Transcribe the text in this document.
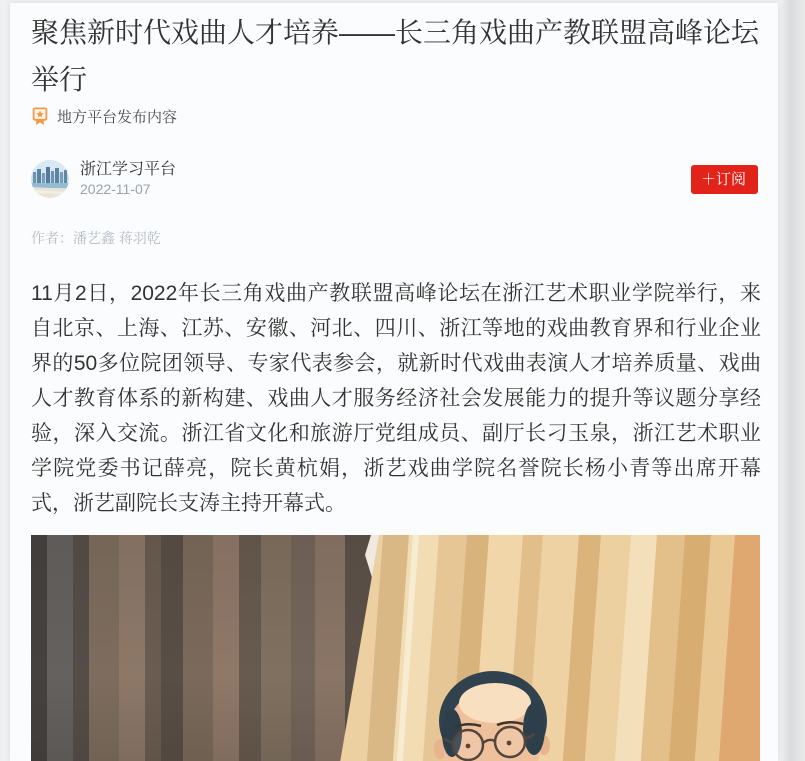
聚焦新时代戏曲人才培养——长三角戏曲产教联盟高峰论坛举行
地方平台发布内容
浙江学习平台
2022-11-07
＋订阅
作者：潘艺鑫 蒋羽乾
11月2日，2022年长三角戏曲产教联盟高峰论坛在浙江艺术职业学院举行，来自北京、上海、江苏、安徽、河北、四川、浙江等地的戏曲教育界和行业企业界的50多位院团领导、专家代表参会，就新时代戏曲表演人才培养质量、戏曲人才教育体系的新构建、戏曲人才服务经济社会发展能力的提升等议题分享经验，深入交流。浙江省文化和旅游厅党组成员、副厅长刁玉泉，浙江艺术职业学院党委书记薛亮，院长黄杭娟，浙艺戏曲学院名誉院长杨小青等出席开幕式，浙艺副院长支涛主持开幕式。
